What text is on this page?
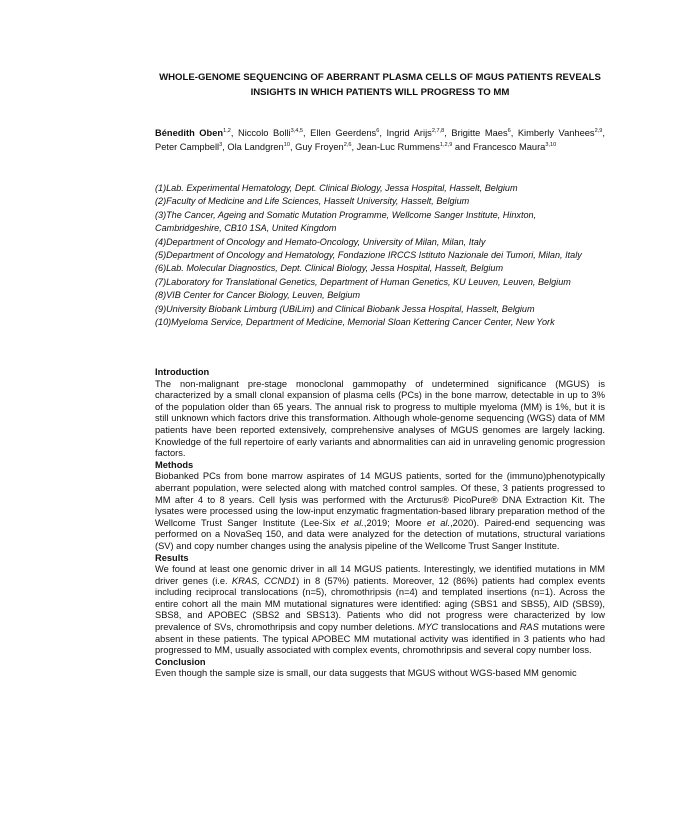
WHOLE-GENOME SEQUENCING OF ABERRANT PLASMA CELLS OF MGUS PATIENTS REVEALS INSIGHTS IN WHICH PATIENTS WILL PROGRESS TO MM
Bénedith Oben$^{1,2}$, Niccolo Bolli$^{3,4,5}$, Ellen Geerdens$^6$, Ingrid Arijs$^{2,7,8}$, Brigitte Maes$^6$, Kimberly Vanhees$^{2,9}$, Peter Campbell$^3$, Ola Landgren$^{10}$, Guy Froyen$^{2,6}$, Jean-Luc Rummens$^{1,2,9}$ and Francesco Maura$^{3,10}$
(1)Lab. Experimental Hematology, Dept. Clinical Biology, Jessa Hospital, Hasselt, Belgium
(2)Faculty of Medicine and Life Sciences, Hasselt University, Hasselt, Belgium
(3)The Cancer, Ageing and Somatic Mutation Programme, Wellcome Sanger Institute, Hinxton, Cambridgeshire, CB10 1SA, United Kingdom
(4)Department of Oncology and Hemato-Oncology, University of Milan, Milan, Italy
(5)Department of Oncology and Hematology, Fondazione IRCCS Istituto Nazionale dei Tumori, Milan, Italy
(6)Lab. Molecular Diagnostics, Dept. Clinical Biology, Jessa Hospital, Hasselt, Belgium
(7)Laboratory for Translational Genetics, Department of Human Genetics, KU Leuven, Leuven, Belgium
(8)VIB Center for Cancer Biology, Leuven, Belgium
(9)University Biobank Limburg (UBiLim) and Clinical Biobank Jessa Hospital, Hasselt, Belgium
(10)Myeloma Service, Department of Medicine, Memorial Sloan Kettering Cancer Center, New York
Introduction

The non-malignant pre-stage monoclonal gammopathy of undetermined significance (MGUS) is characterized by a small clonal expansion of plasma cells (PCs) in the bone marrow, detectable in up to 3% of the population older than 65 years. The annual risk to progress to multiple myeloma (MM) is 1%, but it is still unknown which factors drive this transformation. Although whole-genome sequencing (WGS) data of MM patients have been reported extensively, comprehensive analyses of MGUS genomes are largely lacking. Knowledge of the full repertoire of early variants and abnormalities can aid in unraveling genomic progression factors.

Methods

Biobanked PCs from bone marrow aspirates of 14 MGUS patients, sorted for the (immuno)phenotypically aberrant population, were selected along with matched control samples. Of these, 3 patients progressed to MM after 4 to 8 years. Cell lysis was performed with the Arcturus® PicoPure® DNA Extraction Kit. The lysates were processed using the low-input enzymatic fragmentation-based library preparation method of the Wellcome Trust Sanger Institute (Lee-Six et al.,2019; Moore et al.,2020). Paired-end sequencing was performed on a NovaSeq 150, and data were analyzed for the detection of mutations, structural variations (SV) and copy number changes using the analysis pipeline of the Wellcome Trust Sanger Institute.

Results

We found at least one genomic driver in all 14 MGUS patients. Interestingly, we identified mutations in MM driver genes (i.e. KRAS, CCND1) in 8 (57%) patients. Moreover, 12 (86%) patients had complex events including reciprocal translocations (n=5), chromothripsis (n=4) and templated insertions (n=1). Across the entire cohort all the main MM mutational signatures were identified: aging (SBS1 and SBS5), AID (SBS9), SBS8, and APOBEC (SBS2 and SBS13). Patients who did not progress were characterized by low prevalence of SVs, chromothripsis and copy number deletions. MYC translocations and RAS mutations were absent in these patients. The typical APOBEC MM mutational activity was identified in 3 patients who had progressed to MM, usually associated with complex events, chromothripsis and several copy number loss.

Conclusion

Even though the sample size is small, our data suggests that MGUS without WGS-based MM genomic
